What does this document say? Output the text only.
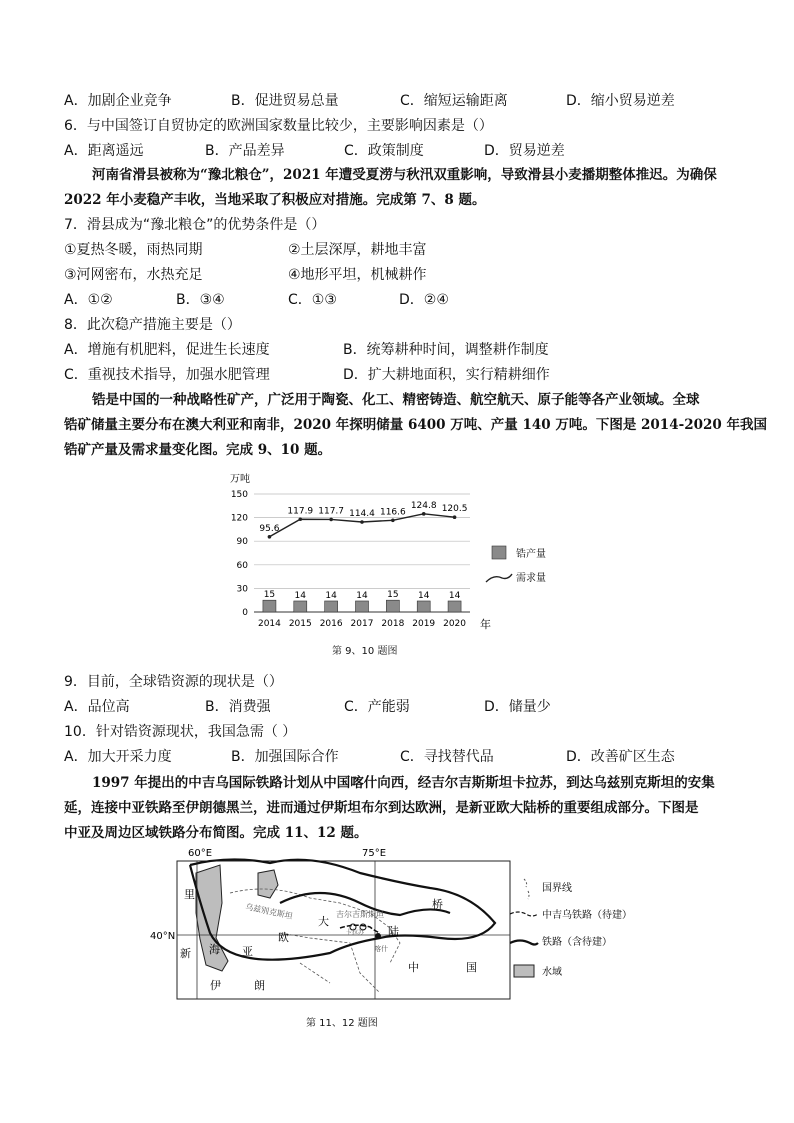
A．加剧企业竞争	B．促进贸易总量	C．缩短运输距离	D．缩小贸易逆差
6．与中国签订自贸协定的欧洲国家数量比较少，主要影响因素是（）
A．距离遥远	B．产品差异	C．政策制度	D．贸易逆差
河南省滑县被称为“豫北粮仓”，2021 年遭受夏涝与秋汛双重影响，导致滑县小麦播期整体推迟。为确保
2022 年小麦稳产丰收，当地采取了积极应对措施。完成第 7、8 题。
7．滑县成为“豫北粮仓”的优势条件是（）
①夏热冬暖，雨热同期	②土层深厚，耕地丰富
③河网密布，水热充足	④地形平坦，机械耕作
A．①②	B．③④	C．①③	D．②④
8．此次稳产措施主要是（）
A．增施有机肥料，促进生长速度	B．统筹耕种时间，调整耕作制度
C．重视技术指导，加强水肥管理	D．扩大耕地面积，实行精耕细作
锆是中国的一种战略性矿产，广泛用于陶瓷、化工、精密铸造、航空航天、原子能等各产业领域。全球
锆矿储量主要分布在澳大利亚和南非，2020 年探明储量 6400 万吨、产量 140 万吨。下图是 2014-2020 年我国
锆矿产量及需求量变化图。完成 9、10 题。
万吨
0
30
60
90
120
150
15 14 14 14 15 14 14
2014 2015 2016 2017 2018 2019 2020
95.6
117.9 117.7 114.4 116.6
124.8 120.5
锆产量
需求量
年
第 9、10 题图
9．目前，全球锆资源的现状是（）
A．品位高	B．消费强	C．产能弱	D．储量少
10．针对锆资源现状，我国急需（ ）
A．加大开采力度	B．加强国际合作	C．寻找替代品	D．改善矿区生态
1997 年提出的中吉乌国际铁路计划从中国喀什向西，经吉尔吉斯斯坦卡拉苏，到达乌兹别克斯坦的安集
延，连接中亚铁路至伊朗德黑兰，进而通过伊斯坦布尔到达欧洲，是新亚欧大陆桥的重要组成部分。下图是
中亚及周边区域铁路分布简图。完成 11、12 题。
60°E	75°E
40°N
里
海
新	亚
欧
大
陆
桥
伊	朗
中	国
乌兹别克斯坦	吉尔吉斯斯坦
卡拉苏
喀什
国界线
中吉乌铁路（待建）
铁路（含待建）
水域
第 11、12 题图
